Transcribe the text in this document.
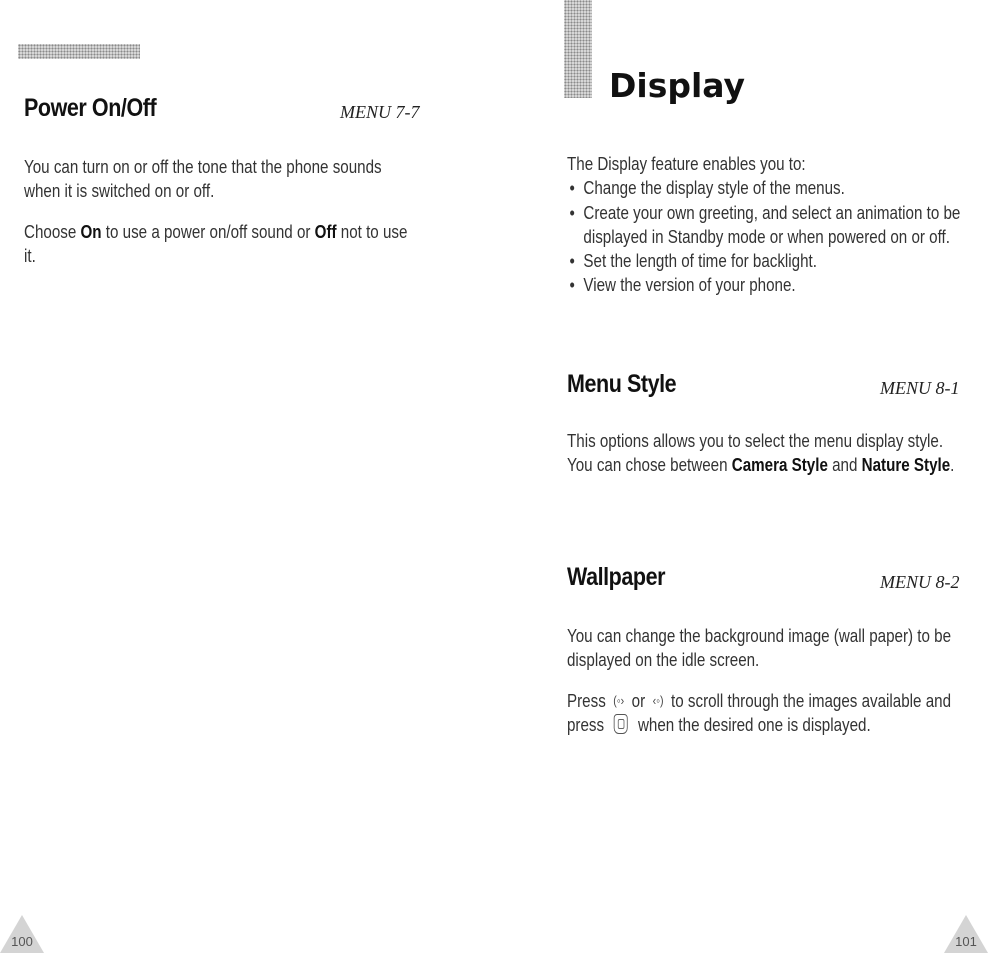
Power On/Off	MENU 7-7

You can turn on or off the tone that the phone sounds when it is switched on or off.

Choose On to use a power on/off sound or Off not to use it.

100
Display

The Display feature enables you to:

• Change the display style of the menus.
• Create your own greeting, and select an animation to be displayed in Standby mode or when powered on or off.
• Set the length of time for backlight.
• View the version of your phone.
Menu Style	MENU 8-1

This options allows you to select the menu display style. You can chose between Camera Style and Nature Style.

Wallpaper	MENU 8-2

You can change the background image (wall paper) to be displayed on the idle screen.

Press (◦› or ‹◦) to scroll through the images available and press when the desired one is displayed.

101
